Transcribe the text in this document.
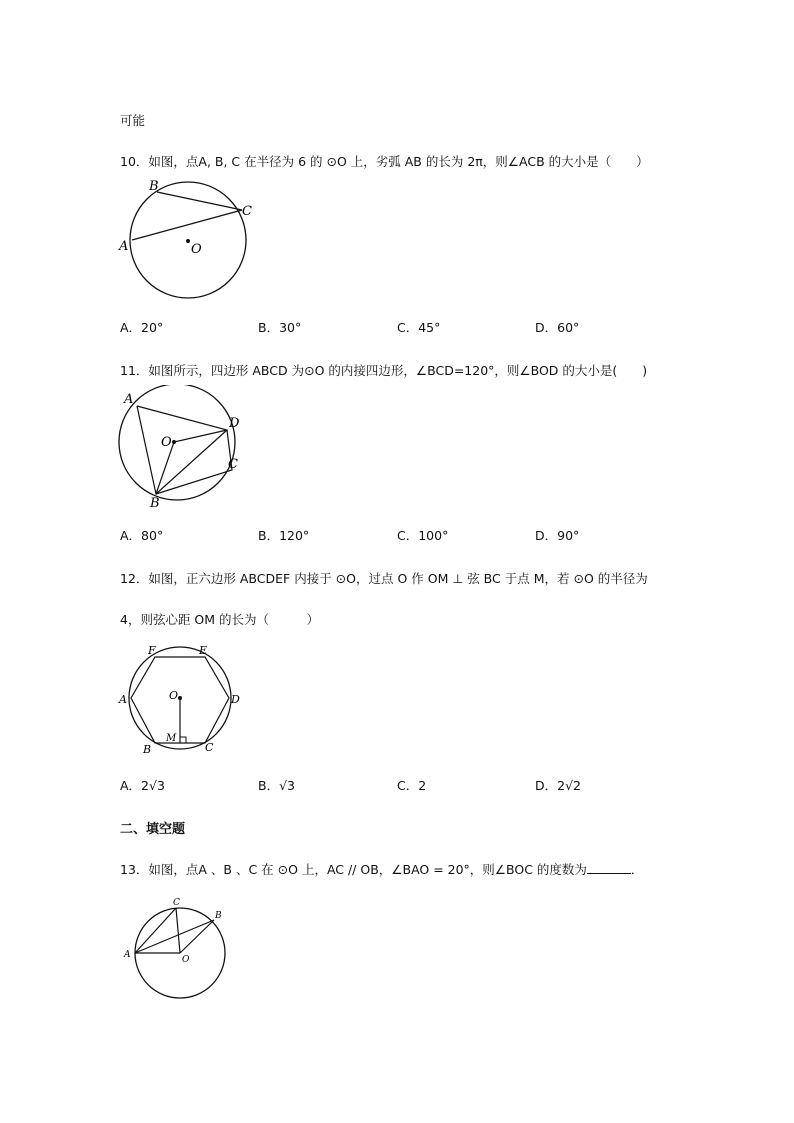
可能
10．如图，点A, B, C 在半径为 6 的 ⊙O 上，劣弧 AB 的长为 2π，则∠ACB 的大小是（　　）
B
C
A	O
A．20°	B．30°	C．45°	D．60°
11．如图所示，四边形 ABCD 为⊙O 的内接四边形，∠BCD=120°，则∠BOD 的大小是(　　)
A
D
O
C
B
A．80°	B．120°	C．100°	D．90°
12．如图，正六边形 ABCDEF 内接于 ⊙O，过点 O 作 OM ⊥ 弦 BC 于点 M，若 ⊙O 的半径为
4，则弦心距 OM 的长为（　　　）
F	E
A	D
O
M
B	C
A．2√3	B．√3	C．2	D．2√2
二、填空题
13．如图，点A 、B 、C 在 ⊙O 上，AC // OB，∠BAO = 20°，则∠BOC 的度数为	．
C
B
A	O
